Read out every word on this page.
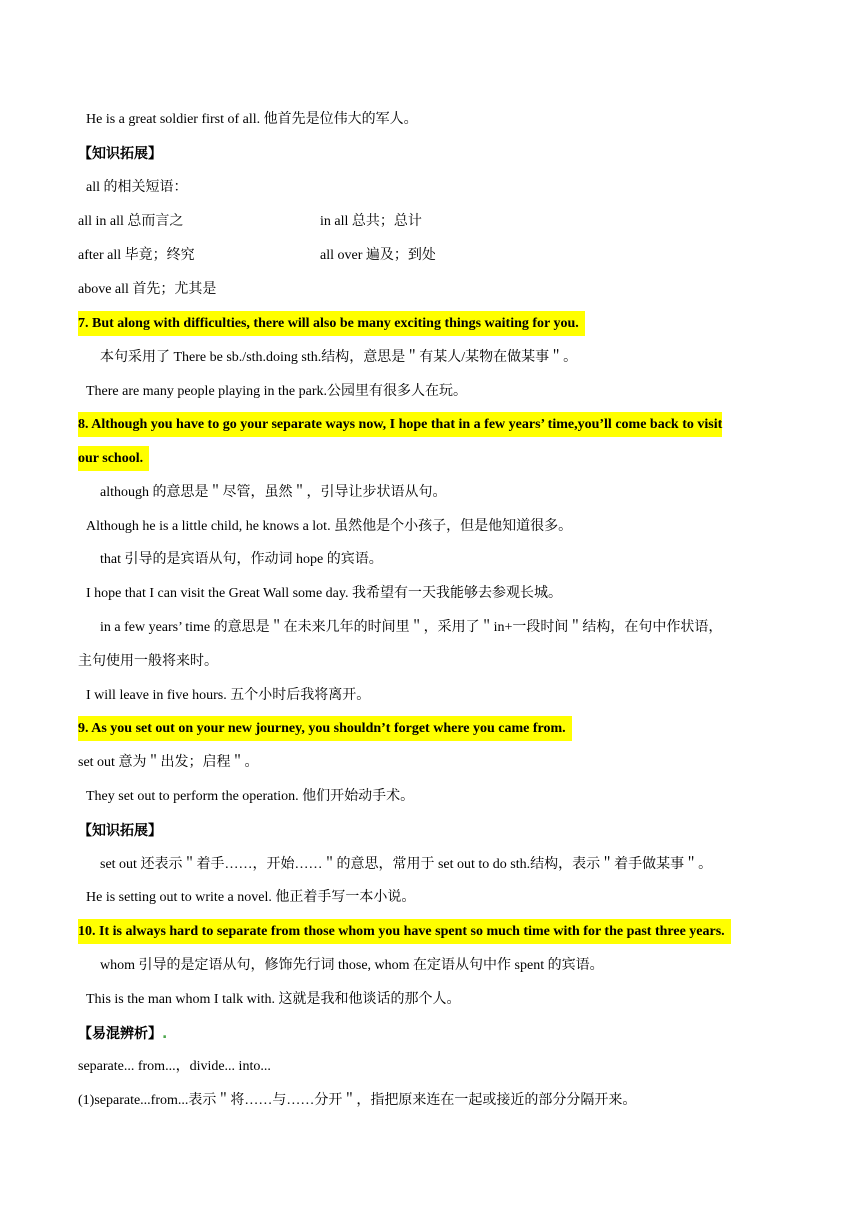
He is a great soldier first of all. 他首先是位伟大的军人。
【知识拓展】
all 的相关短语：
all in all 总而言之	in all 总共；总计
after all 毕竟；终究	all over 遍及；到处
above all 首先；尤其是
7. But along with difficulties, there will also be many exciting things waiting for you.
本句采用了 There be sb./sth.doing sth.结构，意思是＂有某人/某物在做某事＂。
There are many people playing in the park.公园里有很多人在玩。
8. Although you have to go your separate ways now, I hope that in a few years’ time,you’ll come back to visit
our school.
although 的意思是＂尽管，虽然＂，引导让步状语从句。
Although he is a little child, he knows a lot. 虽然他是个小孩子，但是他知道很多。
that 引导的是宾语从句，作动词 hope 的宾语。
I hope that I can visit the Great Wall some day. 我希望有一天我能够去参观长城。
in a few years’ time 的意思是＂在未来几年的时间里＂，采用了＂in+一段时间＂结构，在句中作状语，
主句使用一般将来时。
I will leave in five hours. 五个小时后我将离开。
9. As you set out on your new journey, you shouldn’t forget where you came from.
set out 意为＂出发；启程＂。
They set out to perform the operation. 他们开始动手术。
【知识拓展】
set out 还表示＂着手……，开始……＂的意思，常用于 set out to do sth.结构，表示＂着手做某事＂。
He is setting out to write a novel. 他正着手写一本小说。
10. It is always hard to separate from those whom you have spent so much time with for the past three years.
whom 引导的是定语从句，修饰先行词 those, whom 在定语从句中作 spent 的宾语。
This is the man whom I talk with. 这就是我和他谈话的那个人。
【易混辨析】.
separate... from...，divide... into...
(1)separate...from...表示＂将……与……分开＂，指把原来连在一起或接近的部分分隔开来。
